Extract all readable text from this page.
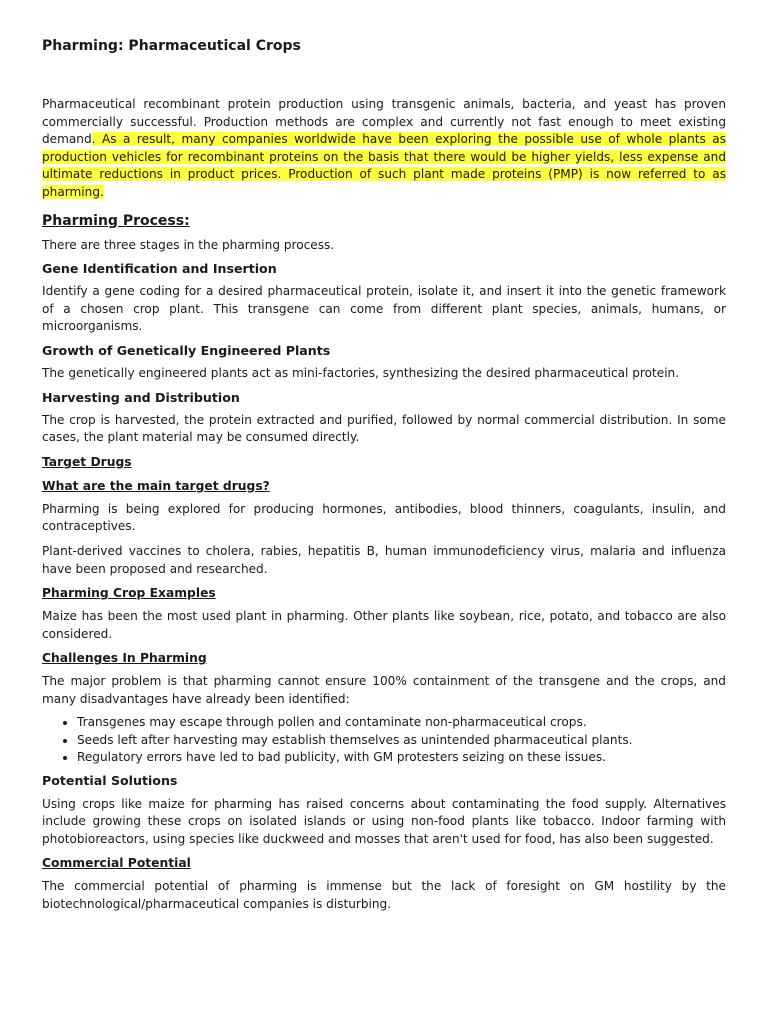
Pharming: Pharmaceutical Crops

Pharmaceutical recombinant protein production using transgenic animals, bacteria, and yeast has proven commercially successful. Production methods are complex and currently not fast enough to meet existing demand. As a result, many companies worldwide have been exploring the possible use of whole plants as production vehicles for recombinant proteins on the basis that there would be higher yields, less expense and ultimate reductions in product prices. Production of such plant made proteins (PMP) is now referred to as pharming.

Pharming Process:

There are three stages in the pharming process.

Gene Identification and Insertion

Identify a gene coding for a desired pharmaceutical protein, isolate it, and insert it into the genetic framework of a chosen crop plant. This transgene can come from different plant species, animals, humans, or microorganisms.

Growth of Genetically Engineered Plants

The genetically engineered plants act as mini-factories, synthesizing the desired pharmaceutical protein.

Harvesting and Distribution

The crop is harvested, the protein extracted and purified, followed by normal commercial distribution. In some cases, the plant material may be consumed directly.

Target Drugs
What are the main target drugs?

Pharming is being explored for producing hormones, antibodies, blood thinners, coagulants, insulin, and contraceptives.

Plant-derived vaccines to cholera, rabies, hepatitis B, human immunodeficiency virus, malaria and influenza have been proposed and researched.

Pharming Crop Examples

Maize has been the most used plant in pharming. Other plants like soybean, rice, potato, and tobacco are also considered.

Challenges In Pharming

The major problem is that pharming cannot ensure 100% containment of the transgene and the crops, and many disadvantages have already been identified:

• Transgenes may escape through pollen and contaminate non-pharmaceutical crops.
• Seeds left after harvesting may establish themselves as unintended pharmaceutical plants.
• Regulatory errors have led to bad publicity, with GM protesters seizing on these issues.
Potential Solutions

Using crops like maize for pharming has raised concerns about contaminating the food supply. Alternatives include growing these crops on isolated islands or using non-food plants like tobacco. Indoor farming with photobioreactors, using species like duckweed and mosses that aren't used for food, has also been suggested.

Commercial Potential

The commercial potential of pharming is immense but the lack of foresight on GM hostility by the biotechnological/pharmaceutical companies is disturbing.
